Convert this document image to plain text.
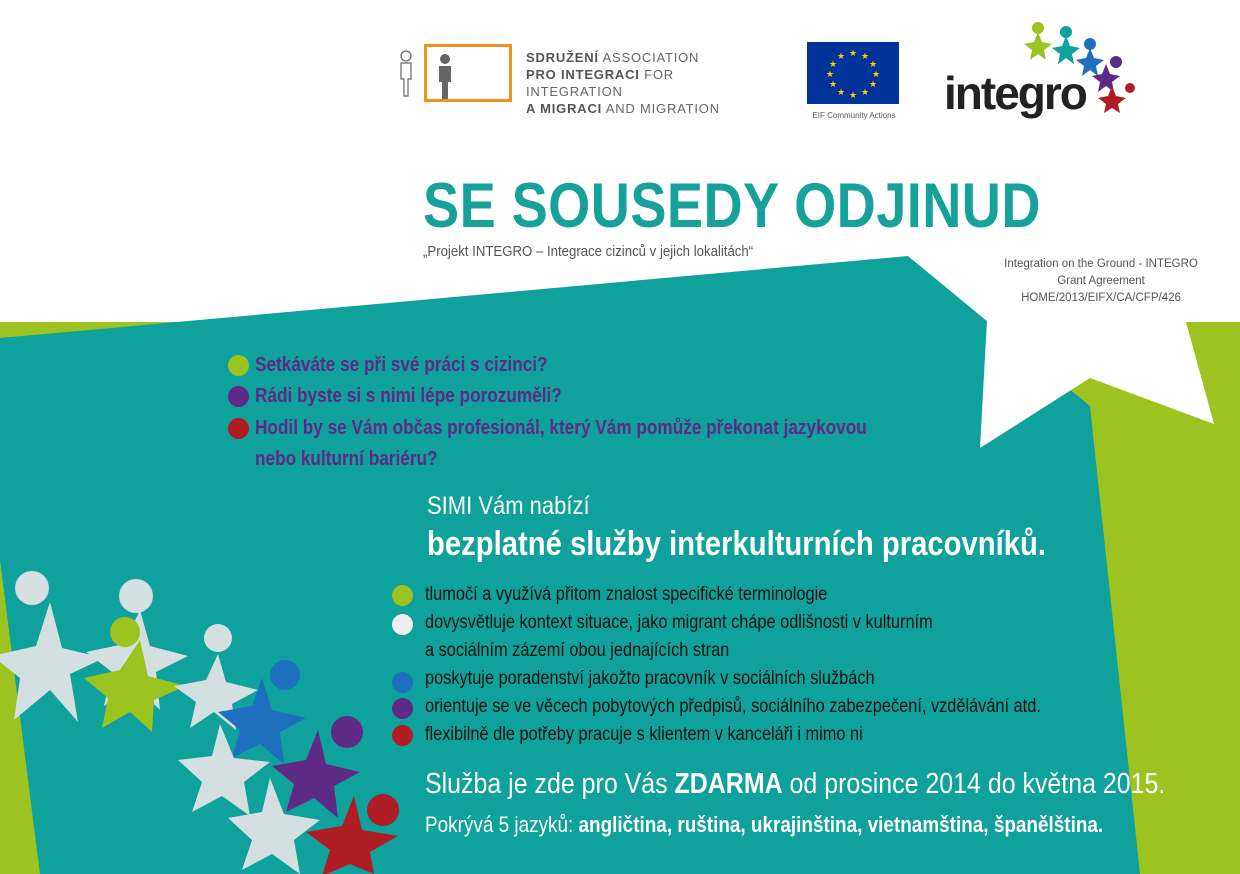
SDRUŽENÍ ASSOCIATION
PRO INTEGRACI FOR INTEGRATION
A MIGRACI AND MIGRATION
★ ★
★
★
★
★
★
★
★
★
★
★
EIF Community Actions	integro
SE SOUSEDY ODJINUD
„Projekt INTEGRO – Integrace cizinců v jejich lokalitách“
Integration on the Ground - INTEGRO
Grant Agreement HOME/2013/EIFX/CA/CFP/426
Setkáváte se při své práci s cizinci?
Rádi byste si s nimi lépe porozuměli?
Hodil by se Vám občas profesionál, který Vám pomůže překonat jazykovou
nebo kulturní bariéru?
SIMI Vám nabízí
bezplatné služby interkulturních pracovníků.
tlumočí a využívá přitom znalost specifické terminologie
dovysvětluje kontext situace, jako migrant chápe odlišnosti v kulturním
a sociálním zázemí obou jednajících stran
poskytuje poradenství jakožto pracovník v sociálních službách
orientuje se ve věcech pobytových předpisů, sociálního zabezpečení, vzdělávání atd.
flexibilně dle potřeby pracuje s klientem v kanceláři i mimo ni
Služba je zde pro Vás ZDARMA od prosince 2014 do května 2015.
Pokrývá 5 jazyků: angličtina, ruština, ukrajinština, vietnamština, španělština.
